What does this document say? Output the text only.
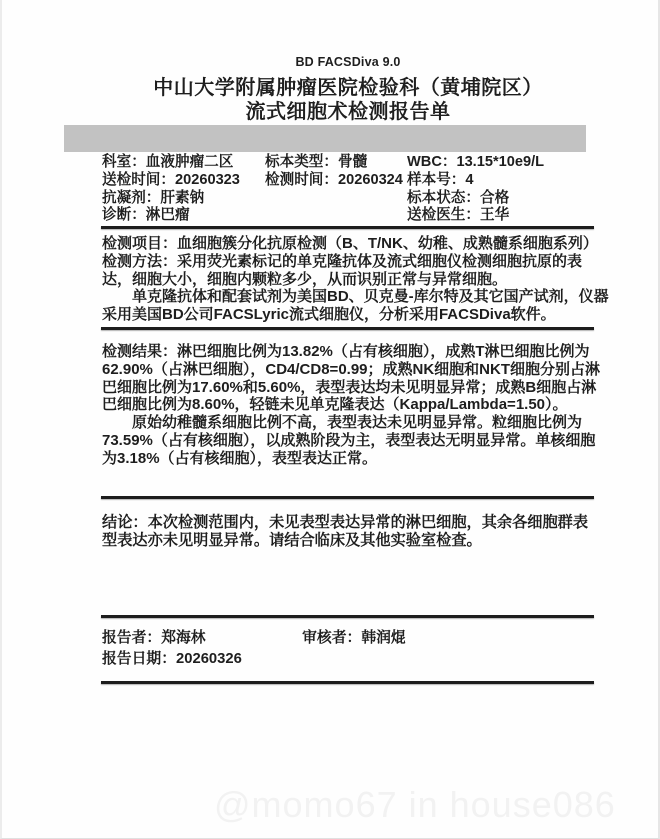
BD FACSDiva 9.0
中山大学附属肿瘤医院检验科（黄埔院区）
流式细胞术检测报告单
科室：血液肿瘤二区	标本类型：骨髓	WBC：13.15*10e9/L
送检时间：20260323	检测时间：20260324 样本号：4
抗凝剂：肝素钠	标本状态：合格
诊断：淋巴瘤	送检医生：王华
检测项目：血细胞簇分化抗原检测（B、T/NK、幼稚、成熟髓系细胞系列）
检测方法：采用荧光素标记的单克隆抗体及流式细胞仪检测细胞抗原的表
达，细胞大小，细胞内颗粒多少，从而识别正常与异常细胞。
　　单克隆抗体和配套试剂为美国BD、贝克曼-库尔特及其它国产试剂，仪器
采用美国BD公司FACSLyric流式细胞仪，分析采用FACSDiva软件。
检测结果：淋巴细胞比例为13.82%（占有核细胞），成熟T淋巴细胞比例为
62.90%（占淋巴细胞），CD4/CD8=0.99；成熟NK细胞和NKT细胞分别占淋
巴细胞比例为17.60%和5.60%，表型表达均未见明显异常；成熟B细胞占淋
巴细胞比例为8.60%，轻链未见单克隆表达（Kappa/Lambda=1.50）。
　　原始幼稚髓系细胞比例不高，表型表达未见明显异常。粒细胞比例为
73.59%（占有核细胞），以成熟阶段为主，表型表达无明显异常。单核细胞
为3.18%（占有核细胞），表型表达正常。
结论：本次检测范围内，未见表型表达异常的淋巴细胞，其余各细胞群表
型表达亦未见明显异常。请结合临床及其他实验室检查。
报告者：郑海林	审核者：韩润焜
报告日期：20260326
@momo67 in house086
